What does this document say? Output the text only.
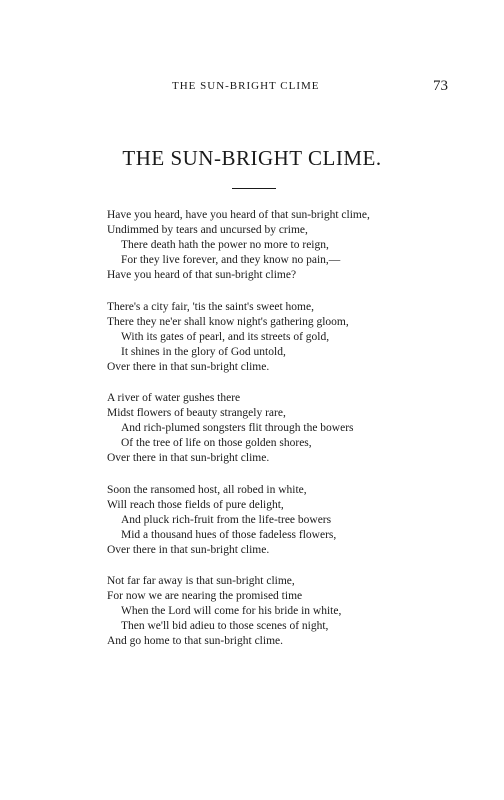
THE SUN-BRIGHT CLIME	73
THE SUN-BRIGHT CLIME.
Have you heard, have you heard of that sun-bright clime,
Undimmed by tears and uncursed by crime,
There death hath the power no more to reign,
For they live forever, and they know no pain,—
Have you heard of that sun-bright clime?
There's a city fair, 'tis the saint's sweet home,
There they ne'er shall know night's gathering gloom,
With its gates of pearl, and its streets of gold,
It shines in the glory of God untold,
Over there in that sun-bright clime.
A river of water gushes there
Midst flowers of beauty strangely rare,
And rich-plumed songsters flit through the bowers
Of the tree of life on those golden shores,
Over there in that sun-bright clime.
Soon the ransomed host, all robed in white,
Will reach those fields of pure delight,
And pluck rich-fruit from the life-tree bowers
Mid a thousand hues of those fadeless flowers,
Over there in that sun-bright clime.
Not far far away is that sun-bright clime,
For now we are nearing the promised time
When the Lord will come for his bride in white,
Then we'll bid adieu to those scenes of night,
And go home to that sun-bright clime.
